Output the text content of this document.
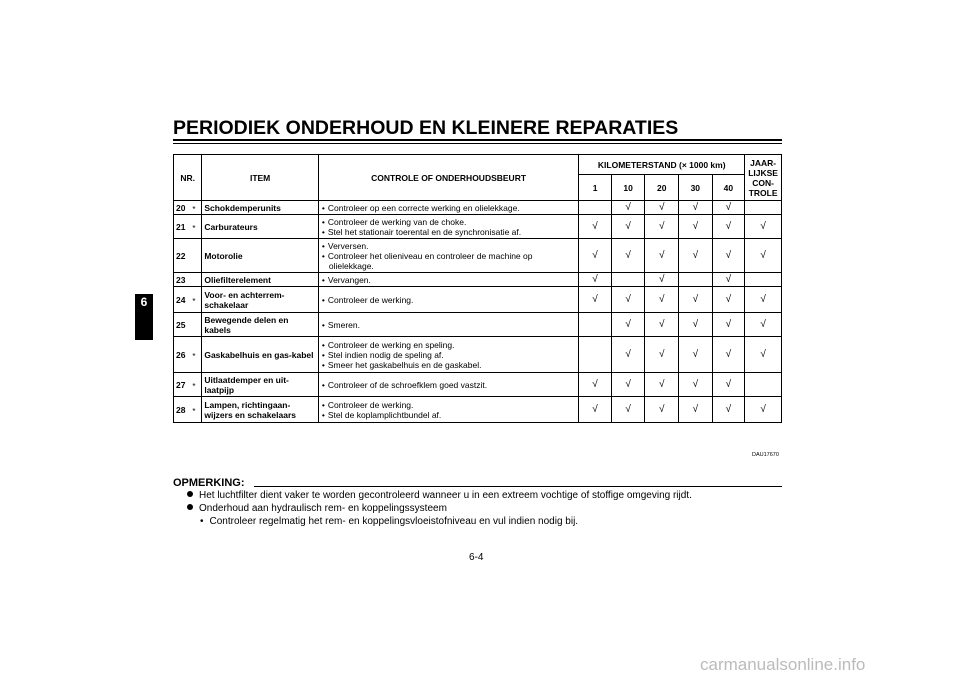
PERIODIEK ONDERHOUD EN KLEINERE REPARATIES
6
NR.		ITEM	CONTROLE OF ONDERHOUDSBEURT	KILOMETERSTAND (× 1000 km)					JAAR-
LIJKSE
CON-
TROLE
				1	10	20	30	40	
20	*	Schokdemperunits	• Controleer op een correcte werking en olielekkage.		√	√	√	√	
21	*	Carburateurs	• Controleer de werking van de choke.
• Stel het stationair toerental en de synchronisatie af.	√	√	√	√	√	√
22		Motorolie	• Verversen.
• Controleer het olieniveau en controleer de machine op olielekkage.	√	√	√	√	√	√
23		Oliefilterelement	• Vervangen.	√		√		√	
24	*	Voor- en achterrem-schakelaar	• Controleer de werking.	√	√	√	√	√	√
25		Bewegende delen en kabels	• Smeren.		√	√	√	√	√
26	*	Gaskabelhuis en gas-kabel	• Controleer de werking en speling.
• Stel indien nodig de speling af.
• Smeer het gaskabelhuis en de gaskabel.		√	√	√	√	√
27	*	Uitlaatdemper en uit-laatpijp	• Controleer of de schroefklem goed vastzit.	√	√	√	√	√	
28	*	Lampen, richtingaan-wijzers en schakelaars	• Controleer de werking.
• Stel de koplamplichtbundel af.	√	√	√	√	√	√
DAU17670
OPMERKING:
Het luchtfilter dient vaker te worden gecontroleerd wanneer u in een extreem vochtige of stoffige omgeving rijdt.
Onderhoud aan hydraulisch rem- en koppelingssysteem
• Controleer regelmatig het rem- en koppelingsvloeistofniveau en vul indien nodig bij.
6-4
carmanualsonline.info
